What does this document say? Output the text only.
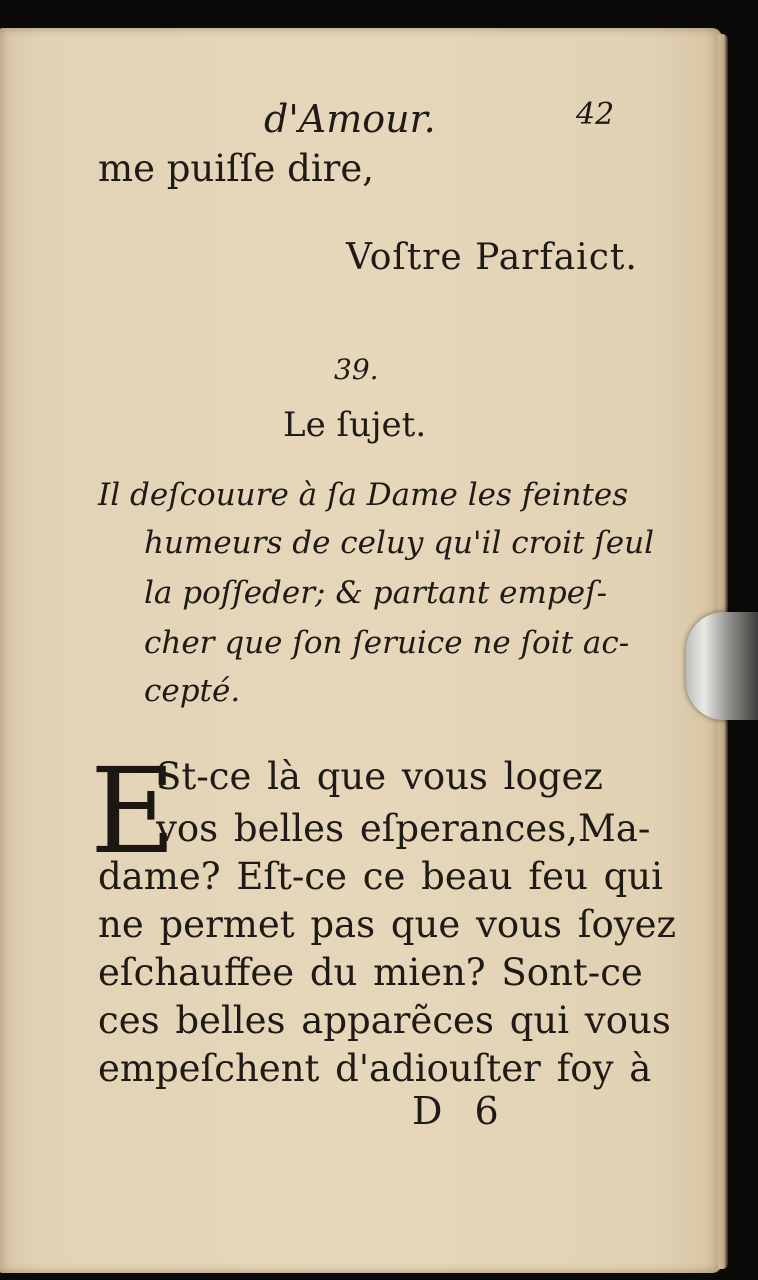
d'Amour.	42
me puiſſe dire,
Voſtre Parfaict.
39.
Le ſujet.
Il deſcouure à ſa Dame les feintes
humeurs de celuy qu'il croit ſeul
la poſſeder; & partant empeſ-
cher que ſon ſeruice ne ſoit ac-
cepté.
E
St-ce là que vous logez
vos belles eſperances,Ma-
dame? Eſt-ce ce beau feu qui
ne permet pas que vous ſoyez
eſchauffee du mien? Sont-ce
ces belles apparẽces qui vous
empeſchent d'adiouſter foy à
D 6
